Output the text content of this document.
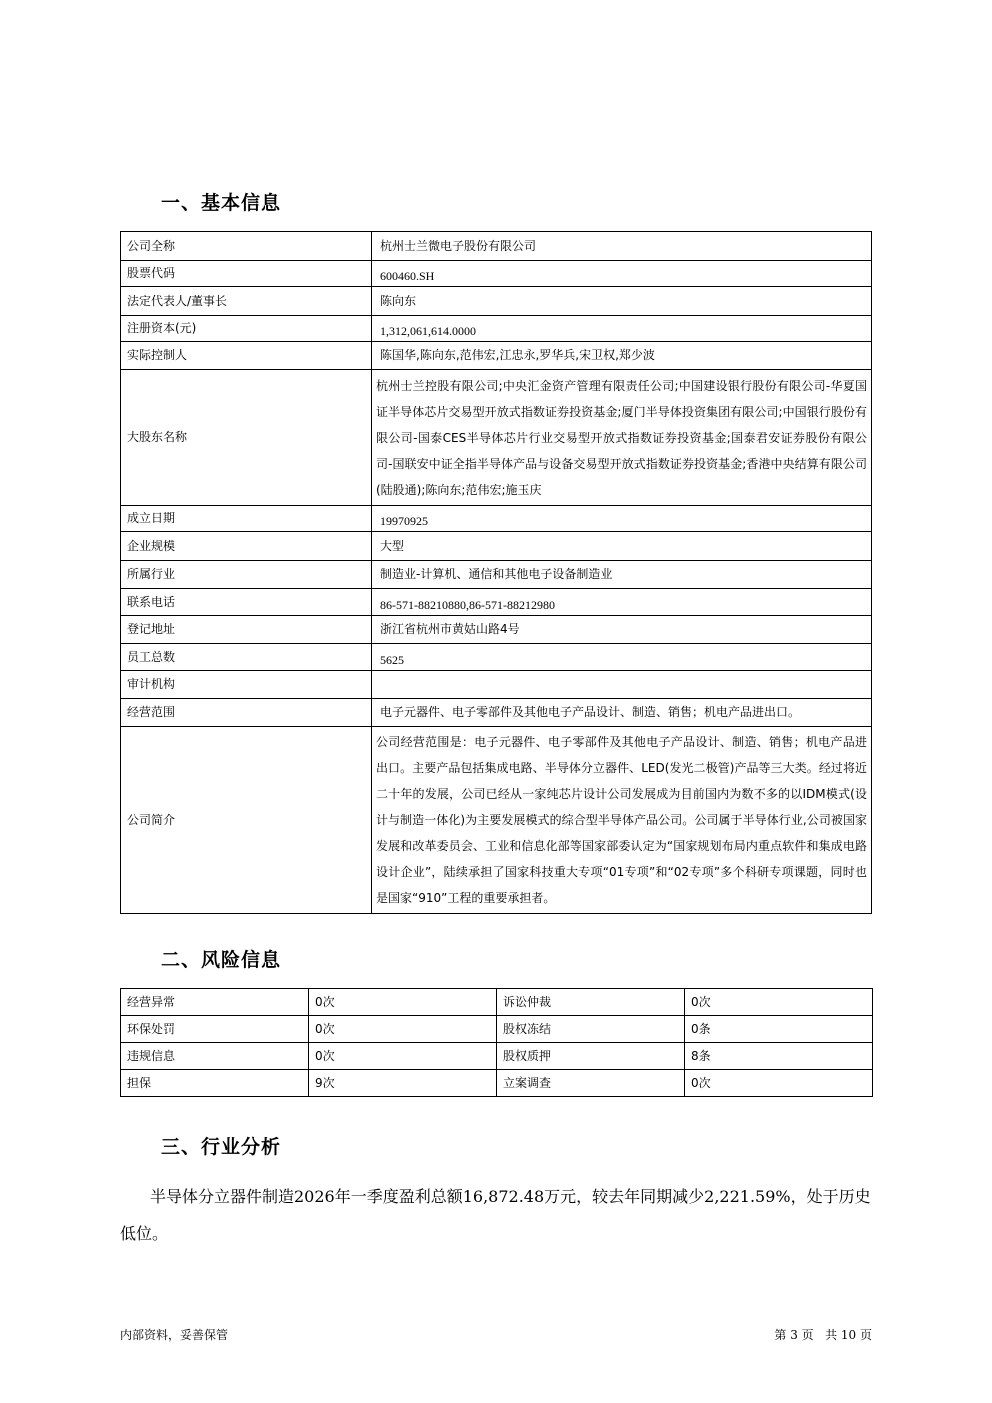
一、基本信息
公司全称	杭州士兰微电子股份有限公司
股票代码	600460.SH
法定代表人/董事长	陈向东
注册资本(元)	1,312,061,614.0000
实际控制人	陈国华,陈向东,范伟宏,江忠永,罗华兵,宋卫权,郑少波
大股东名称	杭州士兰控股有限公司;中央汇金资产管理有限责任公司;中国建设银行股份有限公司-华夏国证半导体芯片交易型开放式指数证券投资基金;厦门半导体投资集团有限公司;中国银行股份有限公司-国泰CES半导体芯片行业交易型开放式指数证券投资基金;国泰君安证券股份有限公司-国联安中证全指半导体产品与设备交易型开放式指数证券投资基金;香港中央结算有限公司(陆股通);陈向东;范伟宏;施玉庆
成立日期	19970925
企业规模	大型
所属行业	制造业-计算机、通信和其他电子设备制造业
联系电话	86-571-88210880,86-571-88212980
登记地址	浙江省杭州市黄姑山路4号
员工总数	5625
审计机构	
经营范围	电子元器件、电子零部件及其他电子产品设计、制造、销售；机电产品进出口。
公司简介	公司经营范围是：电子元器件、电子零部件及其他电子产品设计、制造、销售；机电产品进出口。主要产品包括集成电路、半导体分立器件、LED(发光二极管)产品等三大类。经过将近二十年的发展，公司已经从一家纯芯片设计公司发展成为目前国内为数不多的以IDM模式(设计与制造一体化)为主要发展模式的综合型半导体产品公司。公司属于半导体行业,公司被国家发展和改革委员会、工业和信息化部等国家部委认定为“国家规划布局内重点软件和集成电路设计企业”，陆续承担了国家科技重大专项“01专项”和“02专项”多个科研专项课题，同时也是国家“910”工程的重要承担者。
二、风险信息
经营异常	0次	诉讼仲裁	0次
环保处罚	0次	股权冻结	0条
违规信息	0次	股权质押	8条
担保	9次	立案调查	0次
三、行业分析

半导体分立器件制造2026年一季度盈利总额16,872.48万元，较去年同期减少2,221.59%，处于历史低位。

内部资料，妥善保管	第 3 页   共 10 页
